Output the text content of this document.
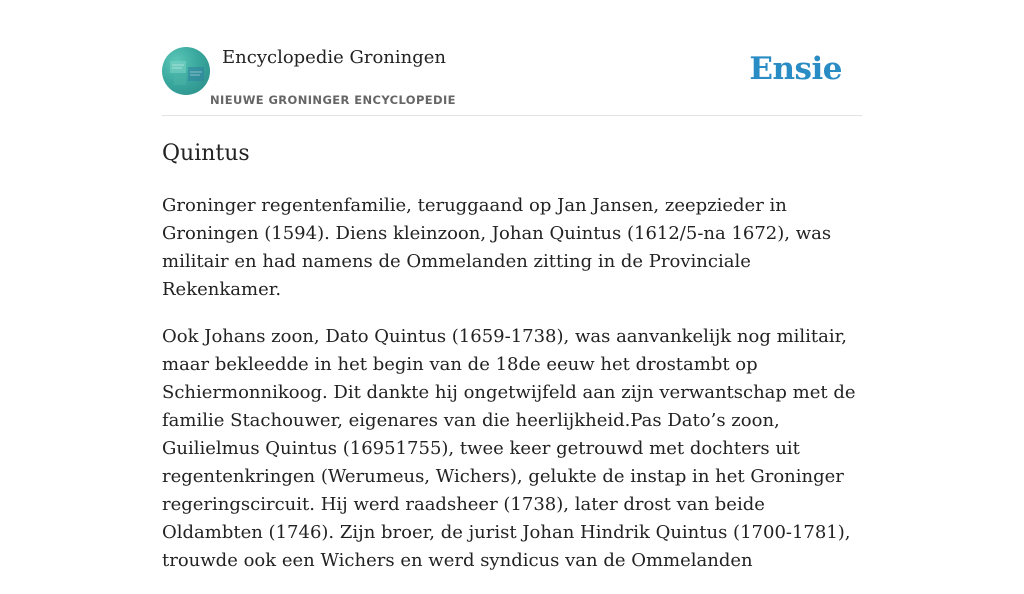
Encyclopedie Groningen
NIEUWE GRONINGER ENCYCLOPEDIE
Ensie
Quintus

Groninger regentenfamilie, teruggaand op Jan Jansen, zeepzieder in Groningen (1594). Diens kleinzoon, Johan Quintus (1612/5-na 1672), was militair en had namens de Ommelanden zitting in de Provinciale Rekenkamer.

Ook Johans zoon, Dato Quintus (1659-1738), was aanvankelijk nog militair, maar bekleedde in het begin van de 18de eeuw het drostambt op Schiermonnikoog. Dit dankte hij ongetwijfeld aan zijn verwantschap met de familie Stachouwer, eigenares van die heerlijkheid.Pas Dato’s zoon, Guilielmus Quintus (16951755), twee keer getrouwd met dochters uit regentenkringen (Werumeus, Wichers), gelukte de instap in het Groninger regeringscircuit. Hij werd raadsheer (1738), later drost van beide Oldambten (1746). Zijn broer, de jurist Johan Hindrik Quintus (1700-1781), trouwde ook een Wichers en werd syndicus van de Ommelanden
